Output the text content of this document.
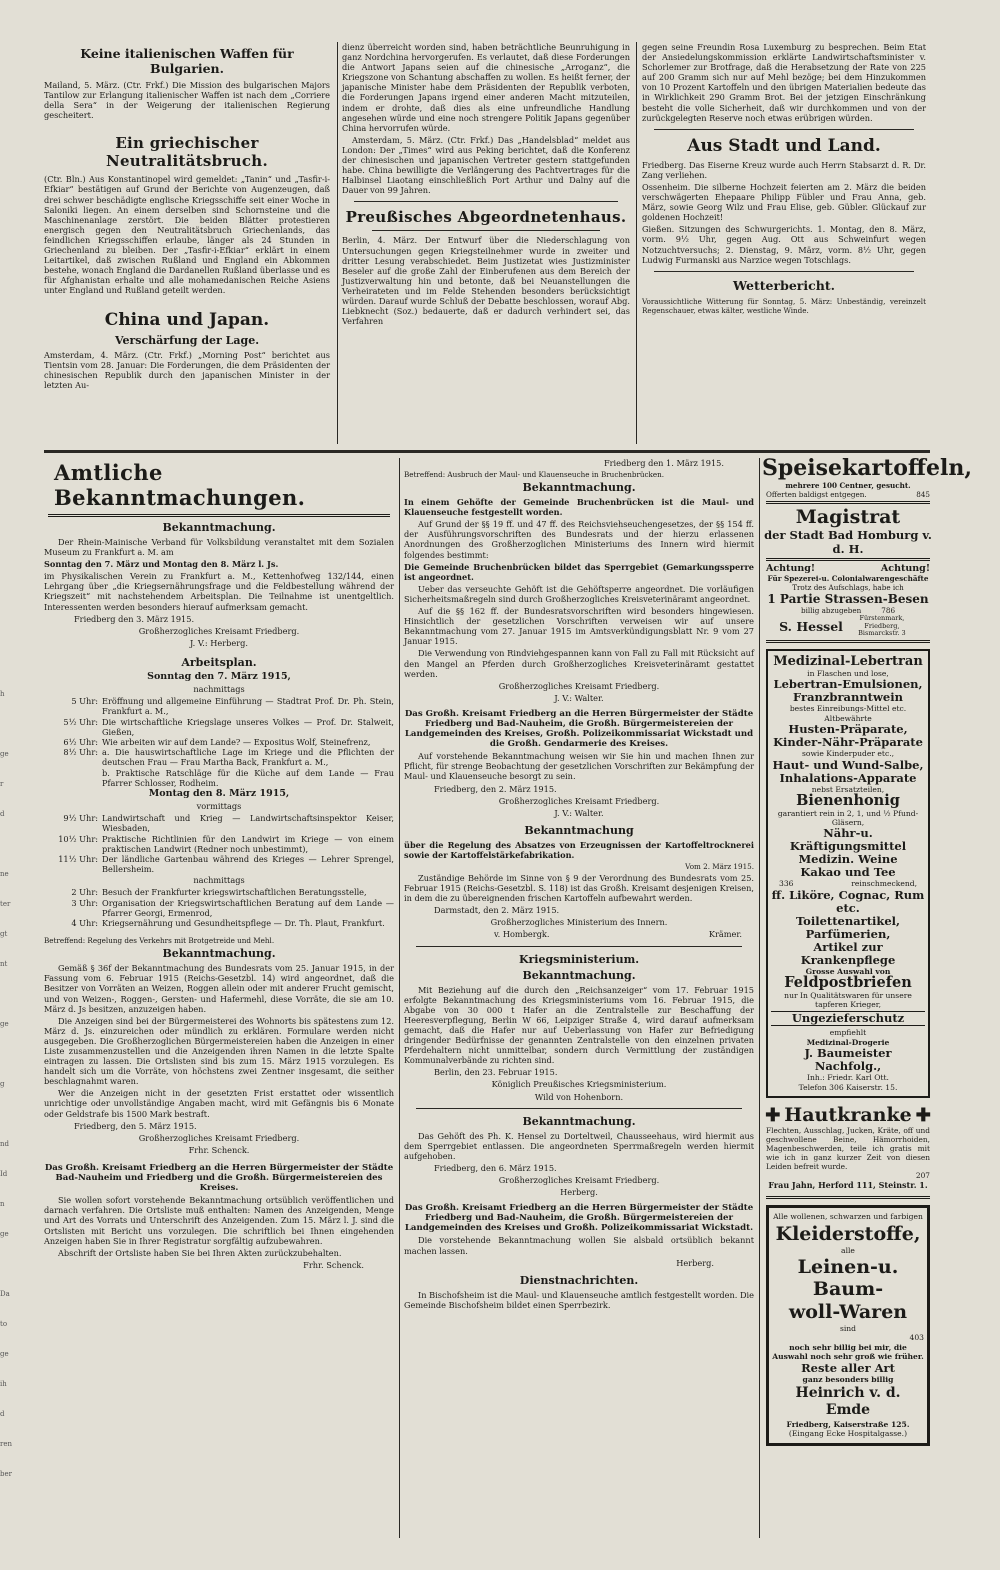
Keine italienischen Waffen für Bulgarien.

Mailand, 5. März. (Ctr. Frkf.) Die Mission des bulgarischen Majors Tantilow zur Erlangung italienischer Waffen ist nach dem „Corriere della Sera“ in der Weigerung der italienischen Regierung gescheitert.

Ein griechischer Neutralitätsbruch.

(Ctr. Bln.) Aus Konstantinopel wird gemeldet: „Tanin“ und „Tasfir-i-Efkiar“ bestätigen auf Grund der Berichte von Augenzeugen, daß drei schwer beschädigte englische Kriegsschiffe seit einer Woche in Saloniki liegen. An einem derselben sind Schornsteine und die Maschinenanlage zerstört. Die beiden Blätter protestieren energisch gegen den Neutralitätsbruch Griechenlands, das feindlichen Kriegsschiffen erlaube, länger als 24 Stunden in Griechenland zu bleiben. Der „Tasfir-i-Efkiar“ erklärt in einem Leitartikel, daß zwischen Rußland und England ein Abkommen bestehe, wonach England die Dardanellen Rußland überlasse und es für Afghanistan erhalte und alle mohamedanischen Reiche Asiens unter England und Rußland geteilt werden.

China und Japan.
Verschärfung der Lage.

Amsterdam, 4. März. (Ctr. Frkf.) „Morning Post“ berichtet aus Tientsin vom 28. Januar: Die Forderungen, die dem Präsidenten der chinesischen Republik durch den japanischen Minister in der letzten Au-

dienz überreicht worden sind, haben beträchtliche Beunruhigung in ganz Nordchina hervorgerufen. Es verlautet, daß diese Forderungen die Antwort Japans seien auf die chinesische „Arroganz“, die Kriegszone von Schantung abschaffen zu wollen. Es heißt ferner, der japanische Minister habe dem Präsidenten der Republik verboten, die Forderungen Japans irgend einer anderen Macht mitzuteilen, indem er drohte, daß dies als eine unfreundliche Handlung angesehen würde und eine noch strengere Politik Japans gegenüber China hervorrufen würde.

Amsterdam, 5. März. (Ctr. Frkf.) Das „Handelsblad“ meldet aus London: Der „Times“ wird aus Peking berichtet, daß die Konferenz der chinesischen und japanischen Vertreter gestern stattgefunden habe. China bewilligte die Verlängerung des Pachtvertrages für die Halbinsel Liaotang einschließlich Port Arthur und Dalny auf die Dauer von 99 Jahren.

Preußisches Abgeordnetenhaus.

Berlin, 4. März. Der Entwurf über die Niederschlagung von Untersuchungen gegen Kriegsteilnehmer wurde in zweiter und dritter Lesung verabschiedet. Beim Justizetat wies Justizminister Beseler auf die große Zahl der Einberufenen aus dem Bereich der Justizverwaltung hin und betonte, daß bei Neuanstellungen die Verheirateten und im Felde Stehenden besonders berücksichtigt würden. Darauf wurde Schluß der Debatte beschlossen, worauf Abg. Liebknecht (Soz.) bedauerte, daß er dadurch verhindert sei, das Verfahren

gegen seine Freundin Rosa Luxemburg zu besprechen. Beim Etat der Ansiedelungskommission erklärte Landwirtschaftsminister v. Schorlemer zur Brotfrage, daß die Herabsetzung der Rate von 225 auf 200 Gramm sich nur auf Mehl bezöge; bei dem Hinzukommen von 10 Prozent Kartoffeln und den übrigen Materialien bedeute das in Wirklichkeit 290 Gramm Brot. Bei der jetzigen Einschränkung besteht die volle Sicherheit, daß wir durchkommen und von der zurückgelegten Reserve noch etwas erübrigen würden.

Aus Stadt und Land.

Friedberg. Das Eiserne Kreuz wurde auch Herrn Stabsarzt d. R. Dr. Zang verliehen.

Ossenheim. Die silberne Hochzeit feierten am 2. März die beiden verschwägerten Ehepaare Philipp Fübler und Frau Anna, geb. März, sowie Georg Wilz und Frau Elise, geb. Gübler. Glückauf zur goldenen Hochzeit!

Gießen. Sitzungen des Schwurgerichts. 1. Montag, den 8. März, vorm. 9½ Uhr, gegen Aug. Ott aus Schweinfurt wegen Notzuchtversuchs; 2. Dienstag, 9. März, vorm. 8½ Uhr, gegen Ludwig Furmanski aus Narzice wegen Totschlags.

Wetterbericht.

Voraussichtliche Witterung für Sonntag, 5. März: Unbeständig, vereinzelt Regenschauer, etwas kälter, westliche Winde.

Amtliche Bekanntmachungen.
Bekanntmachung.

Der Rhein-Mainische Verband für Volksbildung veranstaltet mit dem Sozialen Museum zu Frankfurt a. M. am

Sonntag den 7. März und Montag den 8. März l. Js.

im Physikalischen Verein zu Frankfurt a. M., Kettenhofweg 132/144, einen Lehrgang über „die Kriegsernährungsfrage und die Feldbestellung während der Kriegszeit“ mit nachstehendem Arbeitsplan. Die Teilnahme ist unentgeltlich. Interessenten werden besonders hierauf aufmerksam gemacht.

Friedberg den 3. März 1915.

Großherzogliches Kreisamt Friedberg.

J. V.: Herberg.

Arbeitsplan.

Sonntag den 7. März 1915,

nachmittags

5 Uhr:	Eröffnung und allgemeine Einführung — Stadtrat Prof. Dr. Ph. Stein, Frankfurt a. M.,
5½ Uhr:	Die wirtschaftliche Kriegslage unseres Volkes — Prof. Dr. Stalweit, Gießen,
6½ Uhr:	Wie arbeiten wir auf dem Lande? — Expositus Wolf, Steinefrenz,
8½ Uhr:	a. Die hauswirtschaftliche Lage im Kriege und die Pflichten der deutschen Frau — Frau Martha Back, Frankfurt a. M.,
	b. Praktische Ratschläge für die Küche auf dem Lande — Frau Pfarrer Schlosser, Rodheim.

Montag den 8. März 1915,

vormittags

9½ Uhr:	Landwirtschaft und Krieg — Landwirtschaftsinspektor Keiser, Wiesbaden,
10½ Uhr:	Praktische Richtlinien für den Landwirt im Kriege — von einem praktischen Landwirt (Redner noch unbestimmt),
11½ Uhr:	Der ländliche Gartenbau während des Krieges — Lehrer Sprengel, Bellersheim.

nachmittags

2 Uhr:	Besuch der Frankfurter kriegswirtschaftlichen Beratungsstelle,
3 Uhr:	Organisation der Kriegswirtschaftlichen Beratung auf dem Lande — Pfarrer Georgi, Ermenrod,
4 Uhr:	Kriegsernährung und Gesundheitspflege — Dr. Th. Plaut, Frankfurt.

Betreffend: Regelung des Verkehrs mit Brotgetreide und Mehl.

Bekanntmachung.

Gemäß § 36f der Bekanntmachung des Bundesrats vom 25. Januar 1915, in der Fassung vom 6. Februar 1915 (Reichs-Gesetzbl. 14) wird angeordnet, daß die Besitzer von Vorräten an Weizen, Roggen allein oder mit anderer Frucht gemischt, und von Weizen-, Roggen-, Gersten- und Hafermehl, diese Vorräte, die sie am 10. März d. Js besitzen, anzuzeigen haben.

Die Anzeigen sind bei der Bürgermeisterei des Wohnorts bis spätestens zum 12. März d. Js. einzureichen oder mündlich zu erklären. Formulare werden nicht ausgegeben. Die Großherzoglichen Bürgermeistereien haben die Anzeigen in einer Liste zusammenzustellen und die Anzeigenden ihren Namen in die letzte Spalte eintragen zu lassen. Die Ortslisten sind bis zum 15. März 1915 vorzulegen. Es handelt sich um die Vorräte, von höchstens zwei Zentner insgesamt, die seither beschlagnahmt waren.

Wer die Anzeigen nicht in der gesetzten Frist erstattet oder wissentlich unrichtige oder unvollständige Angaben macht, wird mit Gefängnis bis 6 Monate oder Geldstrafe bis 1500 Mark bestraft.

Friedberg, den 5. März 1915.

Großherzogliches Kreisamt Friedberg.

Frhr. Schenck.

Das Großh. Kreisamt Friedberg an die Herren Bürgermeister der Städte Bad-Nauheim und Friedberg und die Großh. Bürgermeistereien des Kreises.

Sie wollen sofort vorstehende Bekanntmachung ortsüblich veröffentlichen und darnach verfahren. Die Ortsliste muß enthalten: Namen des Anzeigenden, Menge und Art des Vorrats und Unterschrift des Anzeigenden. Zum 15. März l. J. sind die Ortslisten mit Bericht uns vorzulegen. Die schriftlich bei Ihnen eingehenden Anzeigen haben Sie in Ihrer Registratur sorgfältig aufzubewahren.

Abschrift der Ortsliste haben Sie bei Ihren Akten zurückzubehalten.

Frhr. Schenck.

Friedberg den 1. März 1915.

Betreffend: Ausbruch der Maul- und Klauenseuche in Bruchenbrücken.

Bekanntmachung.

In einem Gehöfte der Gemeinde Bruchenbrücken ist die Maul- und Klauenseuche festgestellt worden.

Auf Grund der §§ 19 ff. und 47 ff. des Reichsviehseuchengesetzes, der §§ 154 ff. der Ausführungsvorschriften des Bundesrats und der hierzu erlassenen Anordnungen des Großherzoglichen Ministeriums des Innern wird hiermit folgendes bestimmt:

Die Gemeinde Bruchenbrücken bildet das Sperrgebiet (Gemarkungssperre ist angeordnet.

Ueber das verseuchte Gehöft ist die Gehöftsperre angeordnet. Die vorläufigen Sicherheitsmaßregeln sind durch Großherzogliches Kreisveterinäramt angeordnet.

Auf die §§ 162 ff. der Bundesratsvorschriften wird besonders hingewiesen. Hinsichtlich der gesetzlichen Vorschriften verweisen wir auf unsere Bekanntmachung vom 27. Januar 1915 im Amtsverkündigungsblatt Nr. 9 vom 27 Januar 1915.

Die Verwendung von Rindviehgespannen kann von Fall zu Fall mit Rücksicht auf den Mangel an Pferden durch Großherzogliches Kreisveterinäramt gestattet werden.

Großherzogliches Kreisamt Friedberg.

J. V.: Walter.

Das Großh. Kreisamt Friedberg an die Herren Bürgermeister der Städte Friedberg und Bad-Nauheim, die Großh. Bürgermeistereien der Landgemeinden des Kreises, Großh. Polizeikommissariat Wickstadt und die Großh. Gendarmerie des Kreises.

Auf vorstehende Bekanntmachung weisen wir Sie hin und machen Ihnen zur Pflicht, für strenge Beobachtung der gesetzlichen Vorschriften zur Bekämpfung der Maul- und Klauenseuche besorgt zu sein.

Friedberg, den 2. März 1915.

Großherzogliches Kreisamt Friedberg.

J. V.: Walter.

Bekanntmachung

über die Regelung des Absatzes von Erzeugnissen der Kartoffeltrocknerei sowie der Kartoffelstärkefabrikation.

Vom 2. März 1915.

Zuständige Behörde im Sinne von § 9 der Verordnung des Bundesrats vom 25. Februar 1915 (Reichs-Gesetzbl. S. 118) ist das Großh. Kreisamt desjenigen Kreisen, in dem die zu übereignenden frischen Kartoffeln aufbewahrt werden.

Darmstadt, den 2. März 1915.

Großherzogliches Ministerium des Innern.

v. Hombergk.	Krämer.

Kriegsministerium.
Bekanntmachung.

Mit Beziehung auf die durch den „Reichsanzeiger“ vom 17. Februar 1915 erfolgte Bekanntmachung des Kriegsministeriums vom 16. Februar 1915, die Abgabe von 30 000 t Hafer an die Zentralstelle zur Beschaffung der Heeresverpflegung, Berlin W 66, Leipziger Straße 4, wird darauf aufmerksam gemacht, daß die Hafer nur auf Ueberlassung von Hafer zur Befriedigung dringender Bedürfnisse der genannten Zentralstelle von den einzelnen privaten Pferdehaltern nicht unmittelbar, sondern durch Vermittlung der zuständigen Kommunalverbände zu richten sind.

Berlin, den 23. Februar 1915.

Königlich Preußisches Kriegsministerium.

Wild von Hohenborn.

Bekanntmachung.

Das Gehöft des Ph. K. Hensel zu Dorteltweil, Chausseehaus, wird hiermit aus dem Sperrgebiet entlassen. Die angeordneten Sperrmaßregeln werden hiermit aufgehoben.

Friedberg, den 6. März 1915.

Großherzogliches Kreisamt Friedberg.

Herberg.

Das Großh. Kreisamt Friedberg an die Herren Bürgermeister der Städte Friedberg und Bad-Nauheim, die Großh. Bürgermeistereien der Landgemeinden des Kreises und Großh. Polizeikommissariat Wickstadt.

Die vorstehende Bekanntmachung wollen Sie alsbald ortsüblich bekannt machen lassen.

Herberg.

Dienstnachrichten.

In Bischofsheim ist die Maul- und Klauenseuche amtlich festgestellt worden. Die Gemeinde Bischofsheim bildet einen Sperrbezirk.

Speisekartoffeln,
mehrere 100 Centner, gesucht.
Offerten baldigst entgegen.	845
Magistrat
der Stadt Bad Homburg v. d. H.
Achtung!	Achtung!
Für Spezerei-u. Colonialwarengeschäfte
Trotz des Aufschlags, habe ich
1 Partie Strassen-Besen
billig abzugeben	786
S. Hessel
Fürstenmark, Friedberg, Bismarckstr. 3
Medizinal-Lebertran
in Flaschen und lose,
Lebertran-Emulsionen,
Franzbranntwein
bestes Einreibungs-Mittel etc. Altbewährte
Husten-Präparate,
Kinder-Nähr-Präparate
sowie Kinderpuder etc.,
Haut- und Wund-Salbe,
Inhalations-Apparate
nebst Ersatzteilen,
Bienenhonig
garantiert rein in 2, 1, und ½ Pfund-Gläsern,
Nähr-u. Kräftigungsmittel
Medizin. Weine
Kakao und Tee
336	reinschmeckend,
ff. Liköre, Cognac, Rum etc.
Toilettenartikel,
Parfümerien,
Artikel zur Krankenpflege
Grosse Auswahl von
Feldpostbriefen
nur In Qualitätswaren für unsere tapferen Krieger,
Ungezieferschutz
empfiehlt
Medizinal-Drogerie
J. Baumeister Nachfolg.,
Inh.: Friedr. Karl Ott.
Telefon 306 Kaiserstr. 15.
✚ Hautkranke ✚
Flechten, Ausschlag, Jucken, Kräte, off und geschwollene Beine, Hämorrhoiden, Magenbeschwerden, teile ich gratis mit wie ich in ganz kurzer Zeit von diesen Leiden befreit wurde.
207
Frau Jahn, Herford 111, Steinstr. 1.
Alle wollenen, schwarzen und farbigen
Kleiderstoffe,
alle
Leinen-u. Baum-
woll-Waren
sind
403
noch sehr billig bei mir, die Auswahl noch sehr groß wie früher.
Reste aller Art
ganz besonders billig
Heinrich v. d. Emde
Friedberg, Kaiserstraße 125.
(Eingang Ecke Hospitalgasse.)
h
ge
r
d
ne
ter
gt
nt
ge
g
nd
Id
n
ge
Da
to
ge
ih
d
ren
ber
